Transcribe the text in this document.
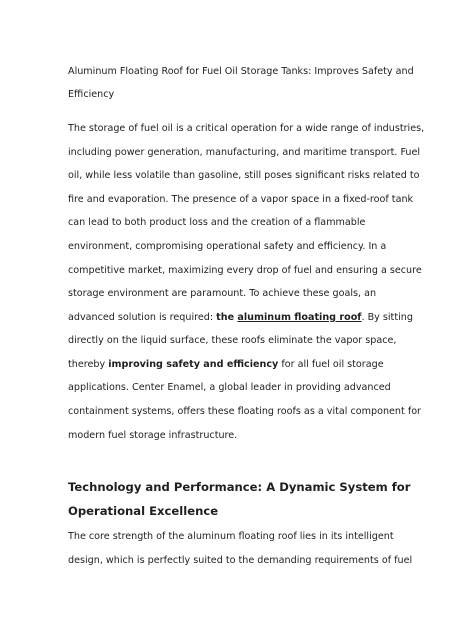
Aluminum Floating Roof for Fuel Oil Storage Tanks: Improves Safety and
Efficiency
The storage of fuel oil is a critical operation for a wide range of industries,
including power generation, manufacturing, and maritime transport. Fuel
oil, while less volatile than gasoline, still poses significant risks related to
fire and evaporation. The presence of a vapor space in a fixed-roof tank
can lead to both product loss and the creation of a flammable
environment, compromising operational safety and efficiency. In a
competitive market, maximizing every drop of fuel and ensuring a secure
storage environment are paramount. To achieve these goals, an
advanced solution is required: the aluminum floating roof. By sitting
directly on the liquid surface, these roofs eliminate the vapor space,
thereby improving safety and efficiency for all fuel oil storage
applications. Center Enamel, a global leader in providing advanced
containment systems, offers these floating roofs as a vital component for
modern fuel storage infrastructure.
Technology and Performance: A Dynamic System for
Operational Excellence
The core strength of the aluminum floating roof lies in its intelligent
design, which is perfectly suited to the demanding requirements of fuel
